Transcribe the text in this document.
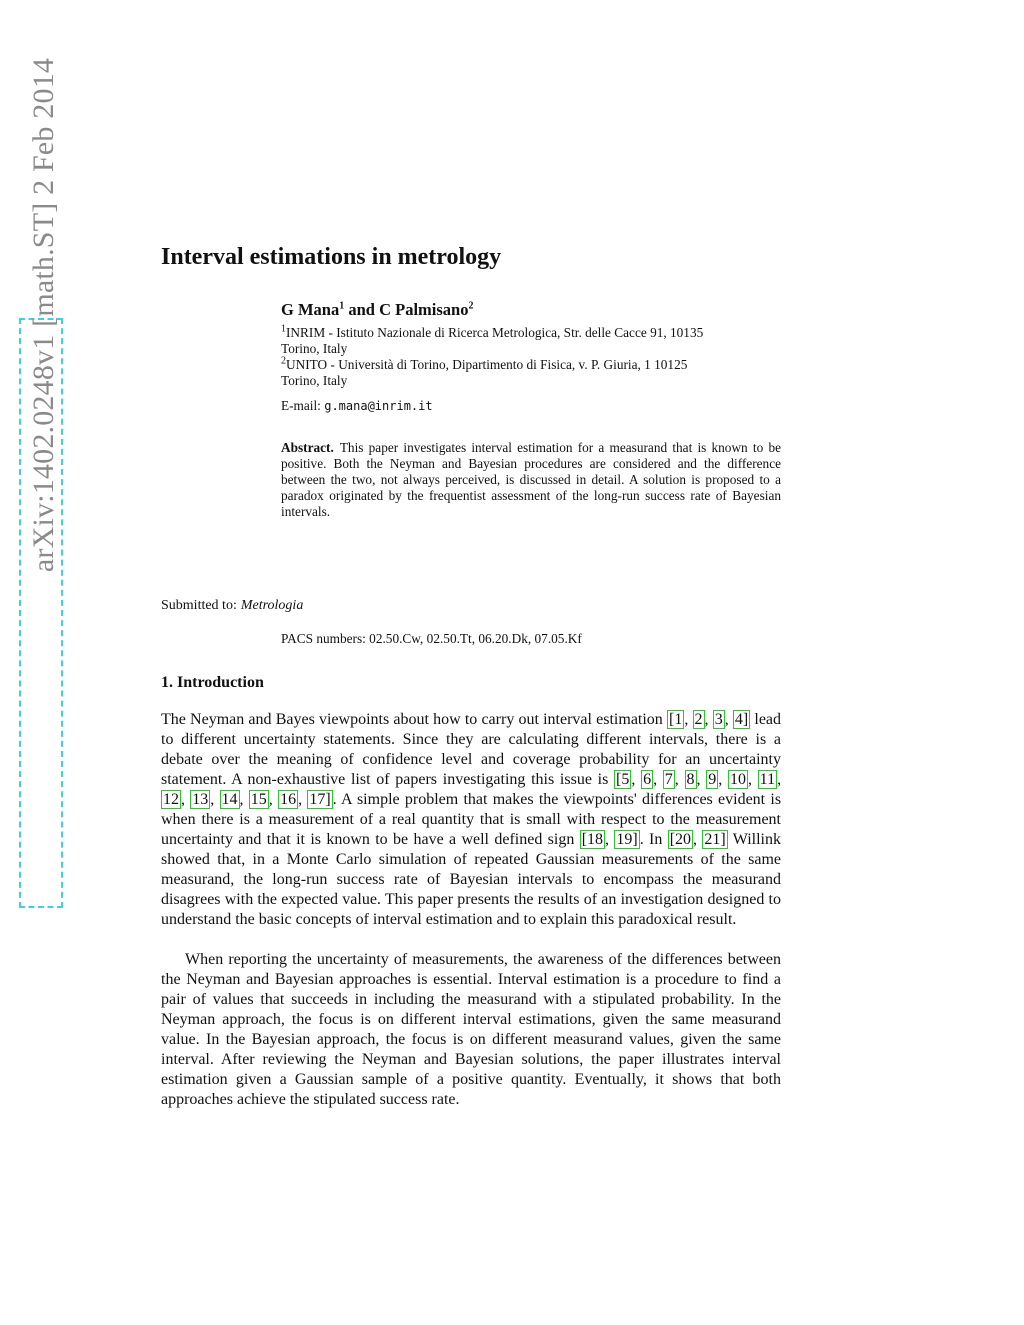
arXiv:1402.0248v1 [math.ST] 2 Feb 2014	Interval estimations in metrology
G Mana$^1$ and C Palmisano$^2$
$^1$INRIM - Istituto Nazionale di Ricerca Metrologica, Str. delle Cacce 91, 10135
Torino, Italy
$^2$UNITO - Università di Torino, Dipartimento di Fisica, v. P. Giuria, 1 10125
Torino, Italy
E-mail: g.mana@inrim.it
Abstract. This paper investigates interval estimation for a measurand that is known to be positive. Both the Neyman and Bayesian procedures are considered and the difference between the two, not always perceived, is discussed in detail. A solution is proposed to a paradox originated by the frequentist assessment of the long-run success rate of Bayesian intervals.
Submitted to: Metrologia
PACS numbers: 02.50.Cw, 02.50.Tt, 06.20.Dk, 07.05.Kf
1. Introduction

The Neyman and Bayes viewpoints about how to carry out interval estimation [1 , 2 , 3 , 4] lead to different uncertainty statements. Since they are calculating different intervals, there is a debate over the meaning of confidence level and coverage probability for an uncertainty statement. A non-exhaustive list of papers investigating this issue is [5 , 6 , 7 , 8 , 9 , 10 , 11 , 12 , 13 , 14 , 15 , 16 , 17] . A simple problem that makes the viewpoints' differences evident is when there is a measurement of a real quantity that is small with respect to the measurement uncertainty and that it is known to be have a well defined sign [18 , 19] . In [20 , 21] Willink showed that, in a Monte Carlo simulation of repeated Gaussian measurements of the same measurand, the long-run success rate of Bayesian intervals to encompass the measurand disagrees with the expected value. This paper presents the results of an investigation designed to understand the basic concepts of interval estimation and to explain this paradoxical result.

When reporting the uncertainty of measurements, the awareness of the differences between the Neyman and Bayesian approaches is essential. Interval estimation is a procedure to find a pair of values that succeeds in including the measurand with a stipulated probability. In the Neyman approach, the focus is on different interval estimations, given the same measurand value. In the Bayesian approach, the focus is on different measurand values, given the same interval. After reviewing the Neyman and Bayesian solutions, the paper illustrates interval estimation given a Gaussian sample of a positive quantity. Eventually, it shows that both approaches achieve the stipulated success rate.
